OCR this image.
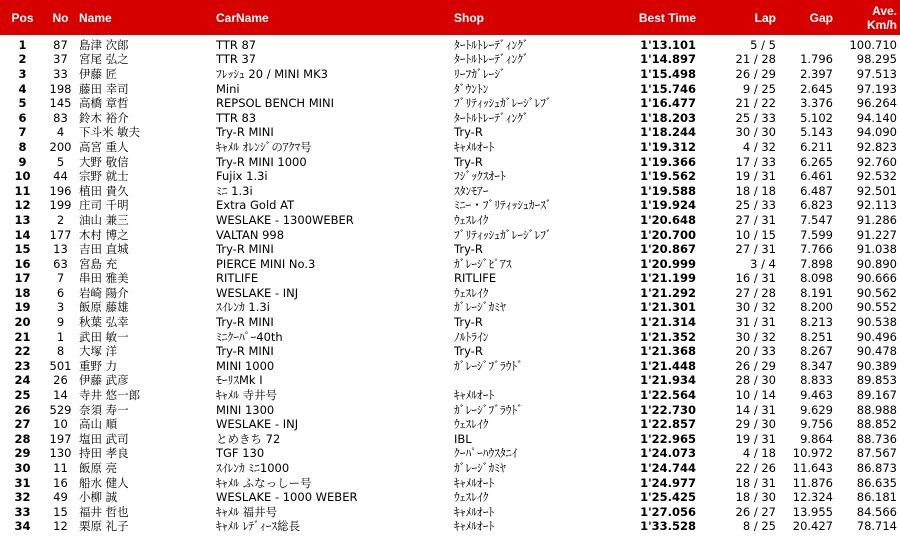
Pos	No	Name	CarName	Shop	Best Time	Lap	Gap	Ave.
Km/h
1	87	島津 次郎	TTR 87	ﾀｰﾄﾙﾄﾚｰﾃﾞｨﾝｸﾞ	1'13.101	5 / 5		100.710
2	37	宮尾 弘之	TTR 37	ﾀｰﾄﾙﾄﾚｰﾃﾞｨﾝｸﾞ	1'14.897	21 / 28	1.796	98.295
3	33	伊藤 匠	ﾌﾚｯｼｭ 20 / MINI MK3	ﾘｰﾌｶﾞﾚｰｼﾞ	1'15.498	26 / 29	2.397	97.513
4	198	藤田 幸司	Mini	ﾀﾞｳﾝﾄﾝ	1'15.746	9 / 25	2.645	97.193
5	145	高橋 章哲	REPSOL BENCH MINI	ﾌﾞﾘﾃｨｯｼｭｶﾞﾚｰｼﾞﾚﾌﾞ	1'16.477	21 / 22	3.376	96.264
6	83	鈴木 裕介	TTR 83	ﾀｰﾄﾙﾄﾚｰﾃﾞｨﾝｸﾞ	1'18.203	25 / 33	5.102	94.140
7	4	下斗米 敏夫	Try-R MINI	Try-R	1'18.244	30 / 30	5.143	94.090
8	200	高宮 重人	ｷｬﾒﾙ ｵﾚﾝｼﾞのｱｸﾏ号	ｷｬﾒﾙｵｰﾄ	1'19.312	4 / 32	6.211	92.823
9	5	大野 敬信	Try-R MINI 1000	Try-R	1'19.366	17 / 33	6.265	92.760
10	44	宗野 就士	Fujix 1.3i	ﾌｼﾞｯｸｽｵｰﾄ	1'19.562	19 / 31	6.461	92.532
11	196	植田 貴久	ﾐﾆ 1.3i	ｽﾀﾝﾓｱｰ	1'19.588	18 / 18	6.487	92.501
12	199	庄司 千明	Extra Gold AT	ﾐﾆｰ・ﾌﾞﾘﾃｨｯｼｭｶｰｽﾞ	1'19.924	25 / 33	6.823	92.113
13	2	油山 兼三	WESLAKE - 1300WEBER	ｳｪｽﾚｲｸ	1'20.648	27 / 31	7.547	91.286
14	177	木村 博之	VALTAN 998	ﾌﾞﾘﾃｨｯｼｭｶﾞﾚｰｼﾞﾚﾌﾞ	1'20.700	10 / 15	7.599	91.227
15	13	吉田 直城	Try-R MINI	Try-R	1'20.867	27 / 31	7.766	91.038
16	63	宮島 充	PIERCE MINI No.3	ｶﾞﾚｰｼﾞﾋﾟｱｽ	1'20.999	3 / 4	7.898	90.890
17	7	串田 雅美	RITLIFE	RITLIFE	1'21.199	16 / 31	8.098	90.666
18	6	岩崎 陽介	WESLAKE - INJ	ｳｪｽﾚｲｸ	1'21.292	27 / 28	8.191	90.562
19	3	飯原 藤雄	ｽｲﾚﾝｶ 1.3i	ｶﾞﾚｰｼﾞｶﾐﾔ	1'21.301	30 / 32	8.200	90.552
20	9	秋葉 弘幸	Try-R MINI	Try-R	1'21.314	31 / 31	8.213	90.538
21	1	武田 敏一	ﾐﾆｸｰﾊﾟｰ40th	ﾉﾙﾄﾗｲﾝ	1'21.352	30 / 32	8.251	90.496
22	8	大塚 洋	Try-R MINI	Try-R	1'21.368	20 / 33	8.267	90.478
23	501	重野 力	MINI 1000	ｶﾞﾚｰｼﾞﾌﾞﾗｳﾄﾞ	1'21.448	26 / 29	8.347	90.389
24	26	伊藤 武彦	ﾓｰﾘｽMk Ⅰ		1'21.934	28 / 30	8.833	89.853
25	14	寺井 悠一郎	ｷｬﾒﾙ 寺井号	ｷｬﾒﾙｵｰﾄ	1'22.564	10 / 14	9.463	89.167
26	529	奈須 寿一	MINI 1300	ｶﾞﾚｰｼﾞﾌﾞﾗｳﾄﾞ	1'22.730	14 / 31	9.629	88.988
27	10	高山 順	WESLAKE - INJ	ｳｪｽﾚｲｸ	1'22.857	29 / 30	9.756	88.852
28	197	塩田 武司	とめきち 72	IBL	1'22.965	19 / 31	9.864	88.736
29	130	持田 孝良	TGF 130	ｸｰﾊﾟｰﾊｳｽﾀﾆｲ	1'24.073	4 / 18	10.972	87.567
30	11	飯原 亮	ｽｲﾚﾝｶ ﾐﾆ1000	ｶﾞﾚｰｼﾞｶﾐﾔ	1'24.744	22 / 26	11.643	86.873
31	16	船水 健人	ｷｬﾒﾙ ふなっしー号	ｷｬﾒﾙｵｰﾄ	1'24.977	18 / 31	11.876	86.635
32	49	小柳 誠	WESLAKE - 1000 WEBER	ｳｪｽﾚｲｸ	1'25.425	18 / 30	12.324	86.181
33	15	福井 哲也	ｷｬﾒﾙ 福井号	ｷｬﾒﾙｵｰﾄ	1'27.056	26 / 27	13.955	84.566
34	12	栗原 礼子	ｷｬﾒﾙ ﾚﾃﾞｨｰｽ総長	ｷｬﾒﾙｵｰﾄ	1'33.528	8 / 25	20.427	78.714
